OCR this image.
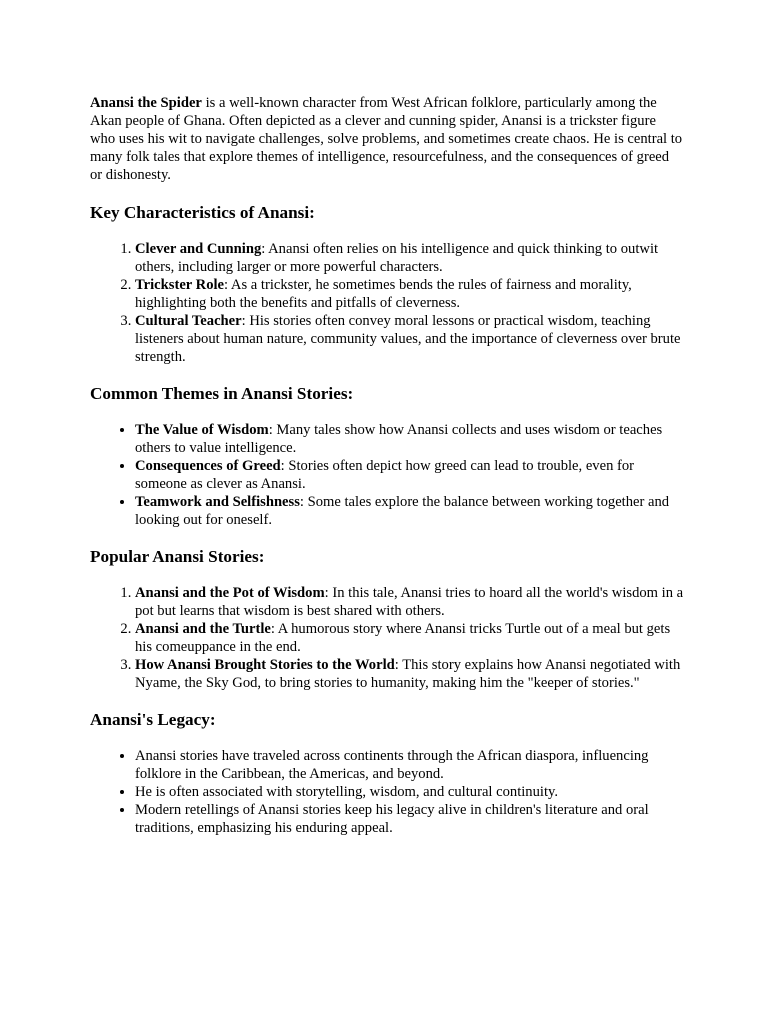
Anansi the Spider is a well-known character from West African folklore, particularly among the Akan people of Ghana. Often depicted as a clever and cunning spider, Anansi is a trickster figure who uses his wit to navigate challenges, solve problems, and sometimes create chaos. He is central to many folk tales that explore themes of intelligence, resourcefulness, and the consequences of greed or dishonesty.

Key Characteristics of Anansi:
1. Clever and Cunning: Anansi often relies on his intelligence and quick thinking to outwit others, including larger or more powerful characters.
2. Trickster Role: As a trickster, he sometimes bends the rules of fairness and morality, highlighting both the benefits and pitfalls of cleverness.
3. Cultural Teacher: His stories often convey moral lessons or practical wisdom, teaching listeners about human nature, community values, and the importance of cleverness over brute strength.
Common Themes in Anansi Stories:
• The Value of Wisdom: Many tales show how Anansi collects and uses wisdom or teaches others to value intelligence.
• Consequences of Greed: Stories often depict how greed can lead to trouble, even for someone as clever as Anansi.
• Teamwork and Selfishness: Some tales explore the balance between working together and looking out for oneself.
Popular Anansi Stories:
1. Anansi and the Pot of Wisdom: In this tale, Anansi tries to hoard all the world's wisdom in a pot but learns that wisdom is best shared with others.
2. Anansi and the Turtle: A humorous story where Anansi tricks Turtle out of a meal but gets his comeuppance in the end.
3. How Anansi Brought Stories to the World: This story explains how Anansi negotiated with Nyame, the Sky God, to bring stories to humanity, making him the "keeper of stories."
Anansi's Legacy:
• Anansi stories have traveled across continents through the African diaspora, influencing folklore in the Caribbean, the Americas, and beyond.
• He is often associated with storytelling, wisdom, and cultural continuity.
• Modern retellings of Anansi stories keep his legacy alive in children's literature and oral traditions, emphasizing his enduring appeal.
